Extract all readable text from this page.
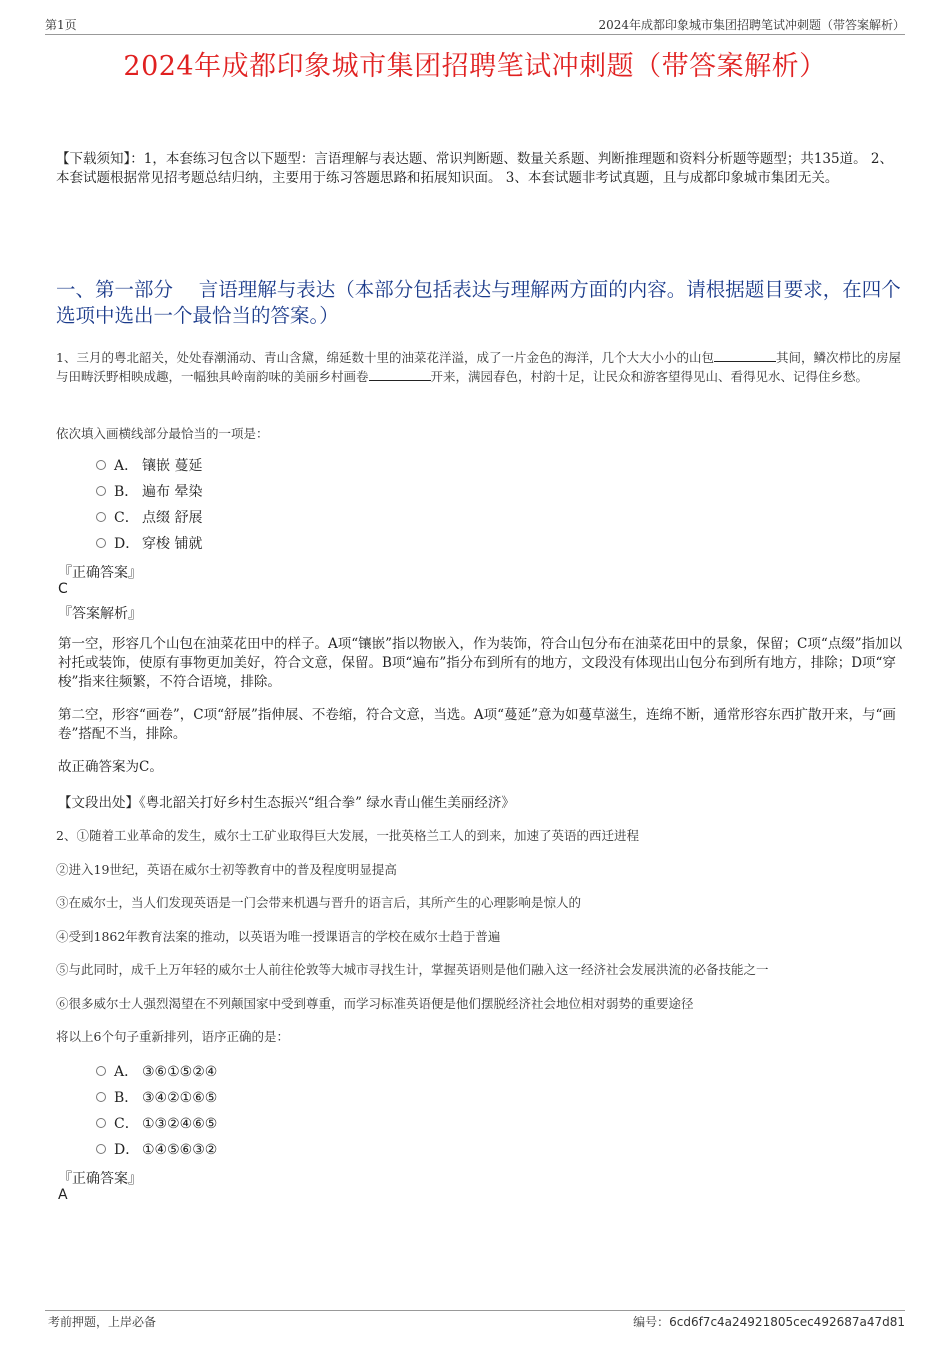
第1页	2024年成都印象城市集团招聘笔试冲刺题（带答案解析）
2024年成都印象城市集团招聘笔试冲刺题（带答案解析）
【下载须知】：1，本套练习包含以下题型：言语理解与表达题、常识判断题、数量关系题、判断推理题和资料分析题等题型；共135道。 2、本套试题根据常见招考题总结归纳，主要用于练习答题思路和拓展知识面。 3、本套试题非考试真题，且与成都印象城市集团无关。
一、第一部分　 言语理解与表达（本部分包括表达与理解两方面的内容。请根据题目要求，在四个选项中选出一个最恰当的答案。）
1、三月的粤北韶关，处处春潮涌动、青山含黛，绵延数十里的油菜花洋溢，成了一片金色的海洋，几个大大小小的山包	其间，鳞次栉比的房屋与田畴沃野相映成趣，一幅独具岭南韵味的美丽乡村画卷	开来，满园春色，村韵十足，让民众和游客望得见山、看得见水、记得住乡愁。
依次填入画横线部分最恰当的一项是：
A． 镶嵌 蔓延
B． 遍布 晕染
C． 点缀 舒展
D． 穿梭 铺就
『正确答案』
C
『答案解析』
第一空，形容几个山包在油菜花田中的样子。A项“镶嵌”指以物嵌入，作为装饰，符合山包分布在油菜花田中的景象，保留；C项“点缀”指加以衬托或装饰，使原有事物更加美好，符合文意，保留。B项“遍布”指分布到所有的地方，文段没有体现出山包分布到所有地方，排除；D项“穿梭”指来往频繁，不符合语境，排除。
第二空，形容“画卷”，C项“舒展”指伸展、不卷缩，符合文意，当选。A项“蔓延”意为如蔓草滋生，连绵不断，通常形容东西扩散开来，与“画卷”搭配不当，排除。
故正确答案为C。
【文段出处】《粤北韶关打好乡村生态振兴“组合拳” 绿水青山催生美丽经济》
2、①随着工业革命的发生，威尔士工矿业取得巨大发展，一批英格兰工人的到来，加速了英语的西迁进程
②进入19世纪，英语在威尔士初等教育中的普及程度明显提高
③在威尔士，当人们发现英语是一门会带来机遇与晋升的语言后，其所产生的心理影响是惊人的
④受到1862年教育法案的推动，以英语为唯一授课语言的学校在威尔士趋于普遍
⑤与此同时，成千上万年轻的威尔士人前往伦敦等大城市寻找生计，掌握英语则是他们融入这一经济社会发展洪流的必备技能之一
⑥很多威尔士人强烈渴望在不列颠国家中受到尊重，而学习标准英语便是他们摆脱经济社会地位相对弱势的重要途径
将以上6个句子重新排列，语序正确的是：
A． ③⑥①⑤②④
B． ③④②①⑥⑤
C． ①③②④⑥⑤
D． ①④⑤⑥③②
『正确答案』
A
考前押题，上岸必备	编号：6cd6f7c4a24921805cec492687a47d81
